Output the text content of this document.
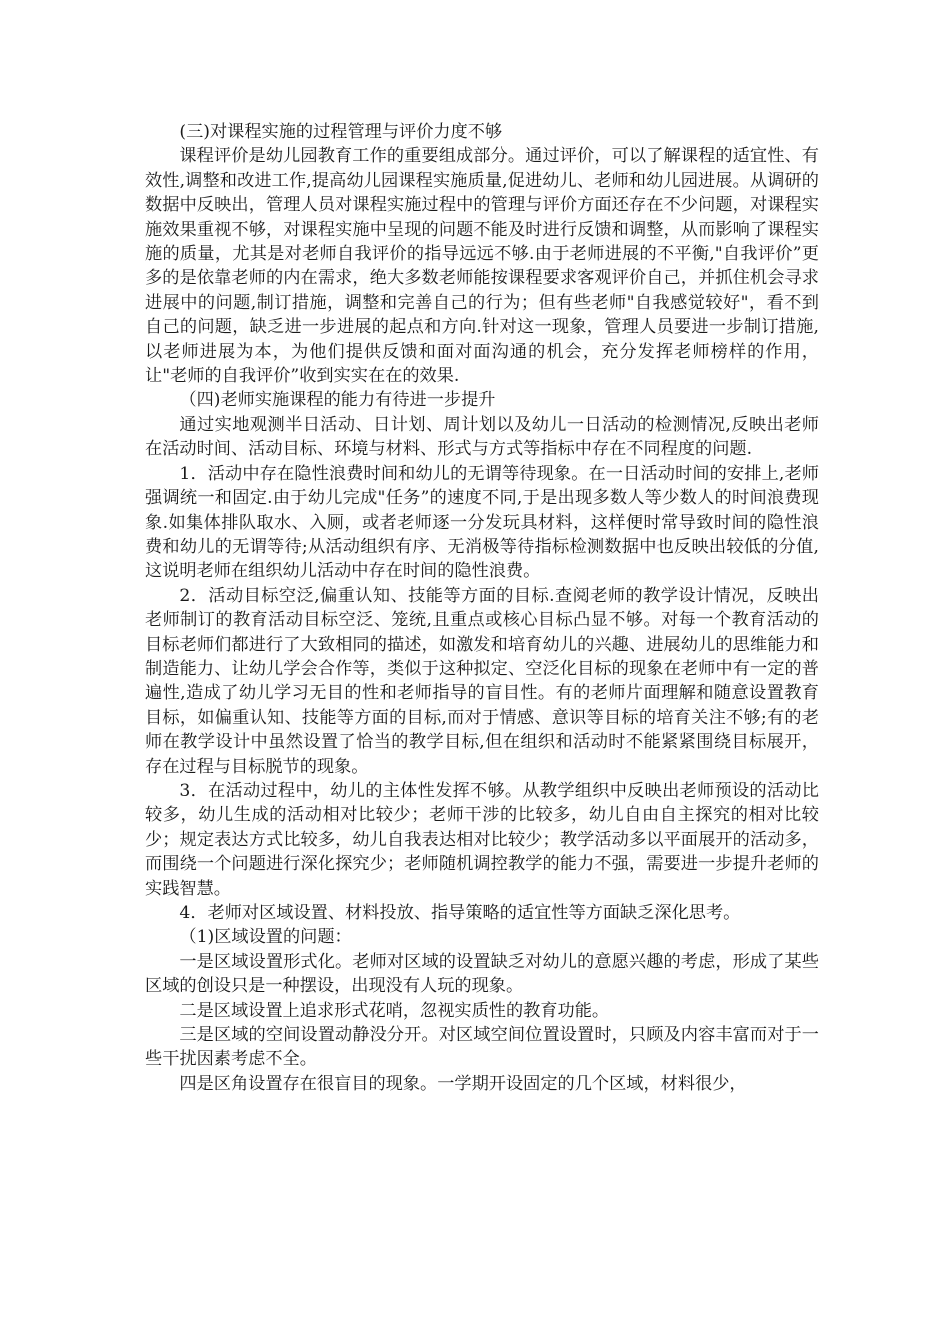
(三)对课程实施的过程管理与评价力度不够

课程评价是幼儿园教育工作的重要组成部分。通过评价，可以了解课程的适宜性、有效性,调整和改进工作,提高幼儿园课程实施质量,促进幼儿、老师和幼儿园进展。从调研的数据中反映出，管理人员对课程实施过程中的管理与评价方面还存在不少问题，对课程实施效果重视不够，对课程实施中呈现的问题不能及时进行反馈和调整，从而影响了课程实施的质量，尤其是对老师自我评价的指导远远不够.由于老师进展的不平衡,"自我评价”更多的是依靠老师的内在需求，绝大多数老师能按课程要求客观评价自己，并抓住机会寻求进展中的问题,制订措施，调整和完善自己的行为；但有些老师"自我感觉较好"，看不到自己的问题，缺乏进一步进展的起点和方向.针对这一现象，管理人员要进一步制订措施,以老师进展为本，为他们提供反馈和面对面沟通的机会，充分发挥老师榜样的作用，让"老师的自我评价”收到实实在在的效果.

（四)老师实施课程的能力有待进一步提升

通过实地观测半日活动、日计划、周计划以及幼儿一日活动的检测情况,反映出老师在活动时间、活动目标、环境与材料、形式与方式等指标中存在不同程度的问题.

1．活动中存在隐性浪费时间和幼儿的无谓等待现象。在一日活动时间的安排上,老师强调统一和固定.由于幼儿完成"任务”的速度不同,于是出现多数人等少数人的时间浪费现象.如集体排队取水、入厕，或者老师逐一分发玩具材料，这样便时常导致时间的隐性浪费和幼儿的无谓等待;从活动组织有序、无消极等待指标检测数据中也反映出较低的分值,这说明老师在组织幼儿活动中存在时间的隐性浪费。

2．活动目标空泛,偏重认知、技能等方面的目标.查阅老师的教学设计情况，反映出老师制订的教育活动目标空泛、笼统,且重点或核心目标凸显不够。对每一个教育活动的目标老师们都进行了大致相同的描述，如激发和培育幼儿的兴趣、进展幼儿的思维能力和制造能力、让幼儿学会合作等，类似于这种拟定、空泛化目标的现象在老师中有一定的普遍性,造成了幼儿学习无目的性和老师指导的盲目性。有的老师片面理解和随意设置教育目标，如偏重认知、技能等方面的目标,而对于情感、意识等目标的培育关注不够;有的老师在教学设计中虽然设置了恰当的教学目标,但在组织和活动时不能紧紧围绕目标展开，存在过程与目标脱节的现象。

3．在活动过程中，幼儿的主体性发挥不够。从教学组织中反映出老师预设的活动比较多，幼儿生成的活动相对比较少；老师干涉的比较多，幼儿自由自主探究的相对比较少；规定表达方式比较多，幼儿自我表达相对比较少；教学活动多以平面展开的活动多，而围绕一个问题进行深化探究少；老师随机调控教学的能力不强，需要进一步提升老师的实践智慧。

4．老师对区域设置、材料投放、指导策略的适宜性等方面缺乏深化思考。

（1)区域设置的问题：

一是区域设置形式化。老师对区域的设置缺乏对幼儿的意愿兴趣的考虑，形成了某些区域的创设只是一种摆设，出现没有人玩的现象。

二是区域设置上追求形式花哨，忽视实质性的教育功能。

三是区域的空间设置动静没分开。对区域空间位置设置时，只顾及内容丰富而对于一些干扰因素考虑不全。

四是区角设置存在很盲目的现象。一学期开设固定的几个区域，材料很少，
